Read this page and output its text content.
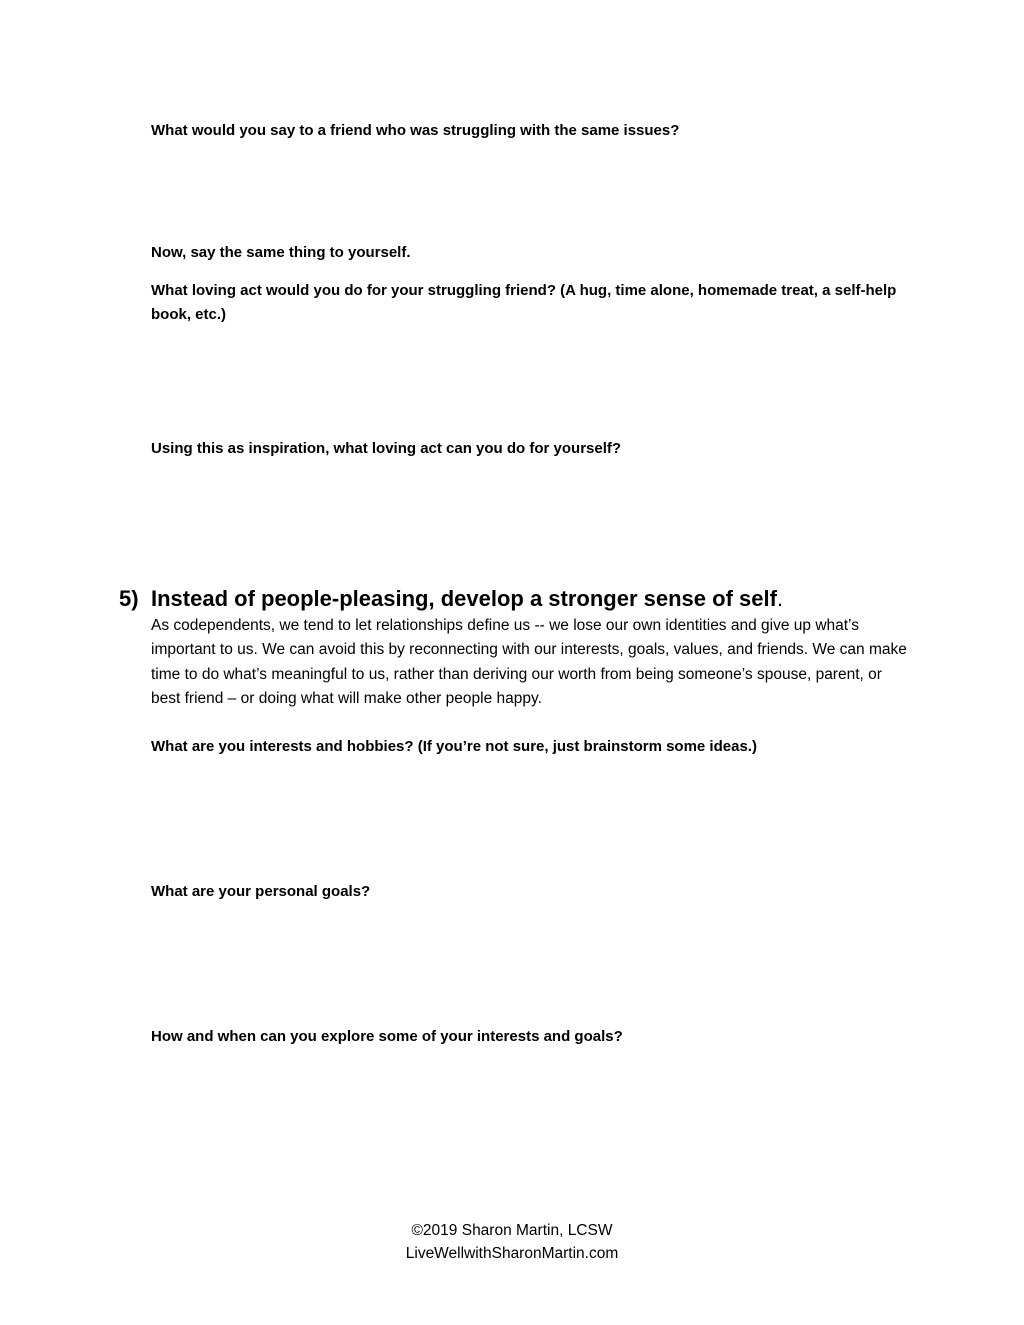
What would you say to a friend who was struggling with the same issues?

Now, say the same thing to yourself.

What loving act would you do for your struggling friend? (A hug, time alone, homemade treat, a self-help book, etc.)

Using this as inspiration, what loving act can you do for yourself?

5) Instead of people-pleasing, develop a stronger sense of self.

As codependents, we tend to let relationships define us -- we lose our own identities and give up what’s important to us. We can avoid this by reconnecting with our interests, goals, values, and friends. We can make time to do what’s meaningful to us, rather than deriving our worth from being someone’s spouse, parent, or best friend – or doing what will make other people happy.

What are you interests and hobbies? (If you’re not sure, just brainstorm some ideas.)

What are your personal goals?

How and when can you explore some of your interests and goals?

©2019 Sharon Martin, LCSW
LiveWellwithSharonMartin.com
